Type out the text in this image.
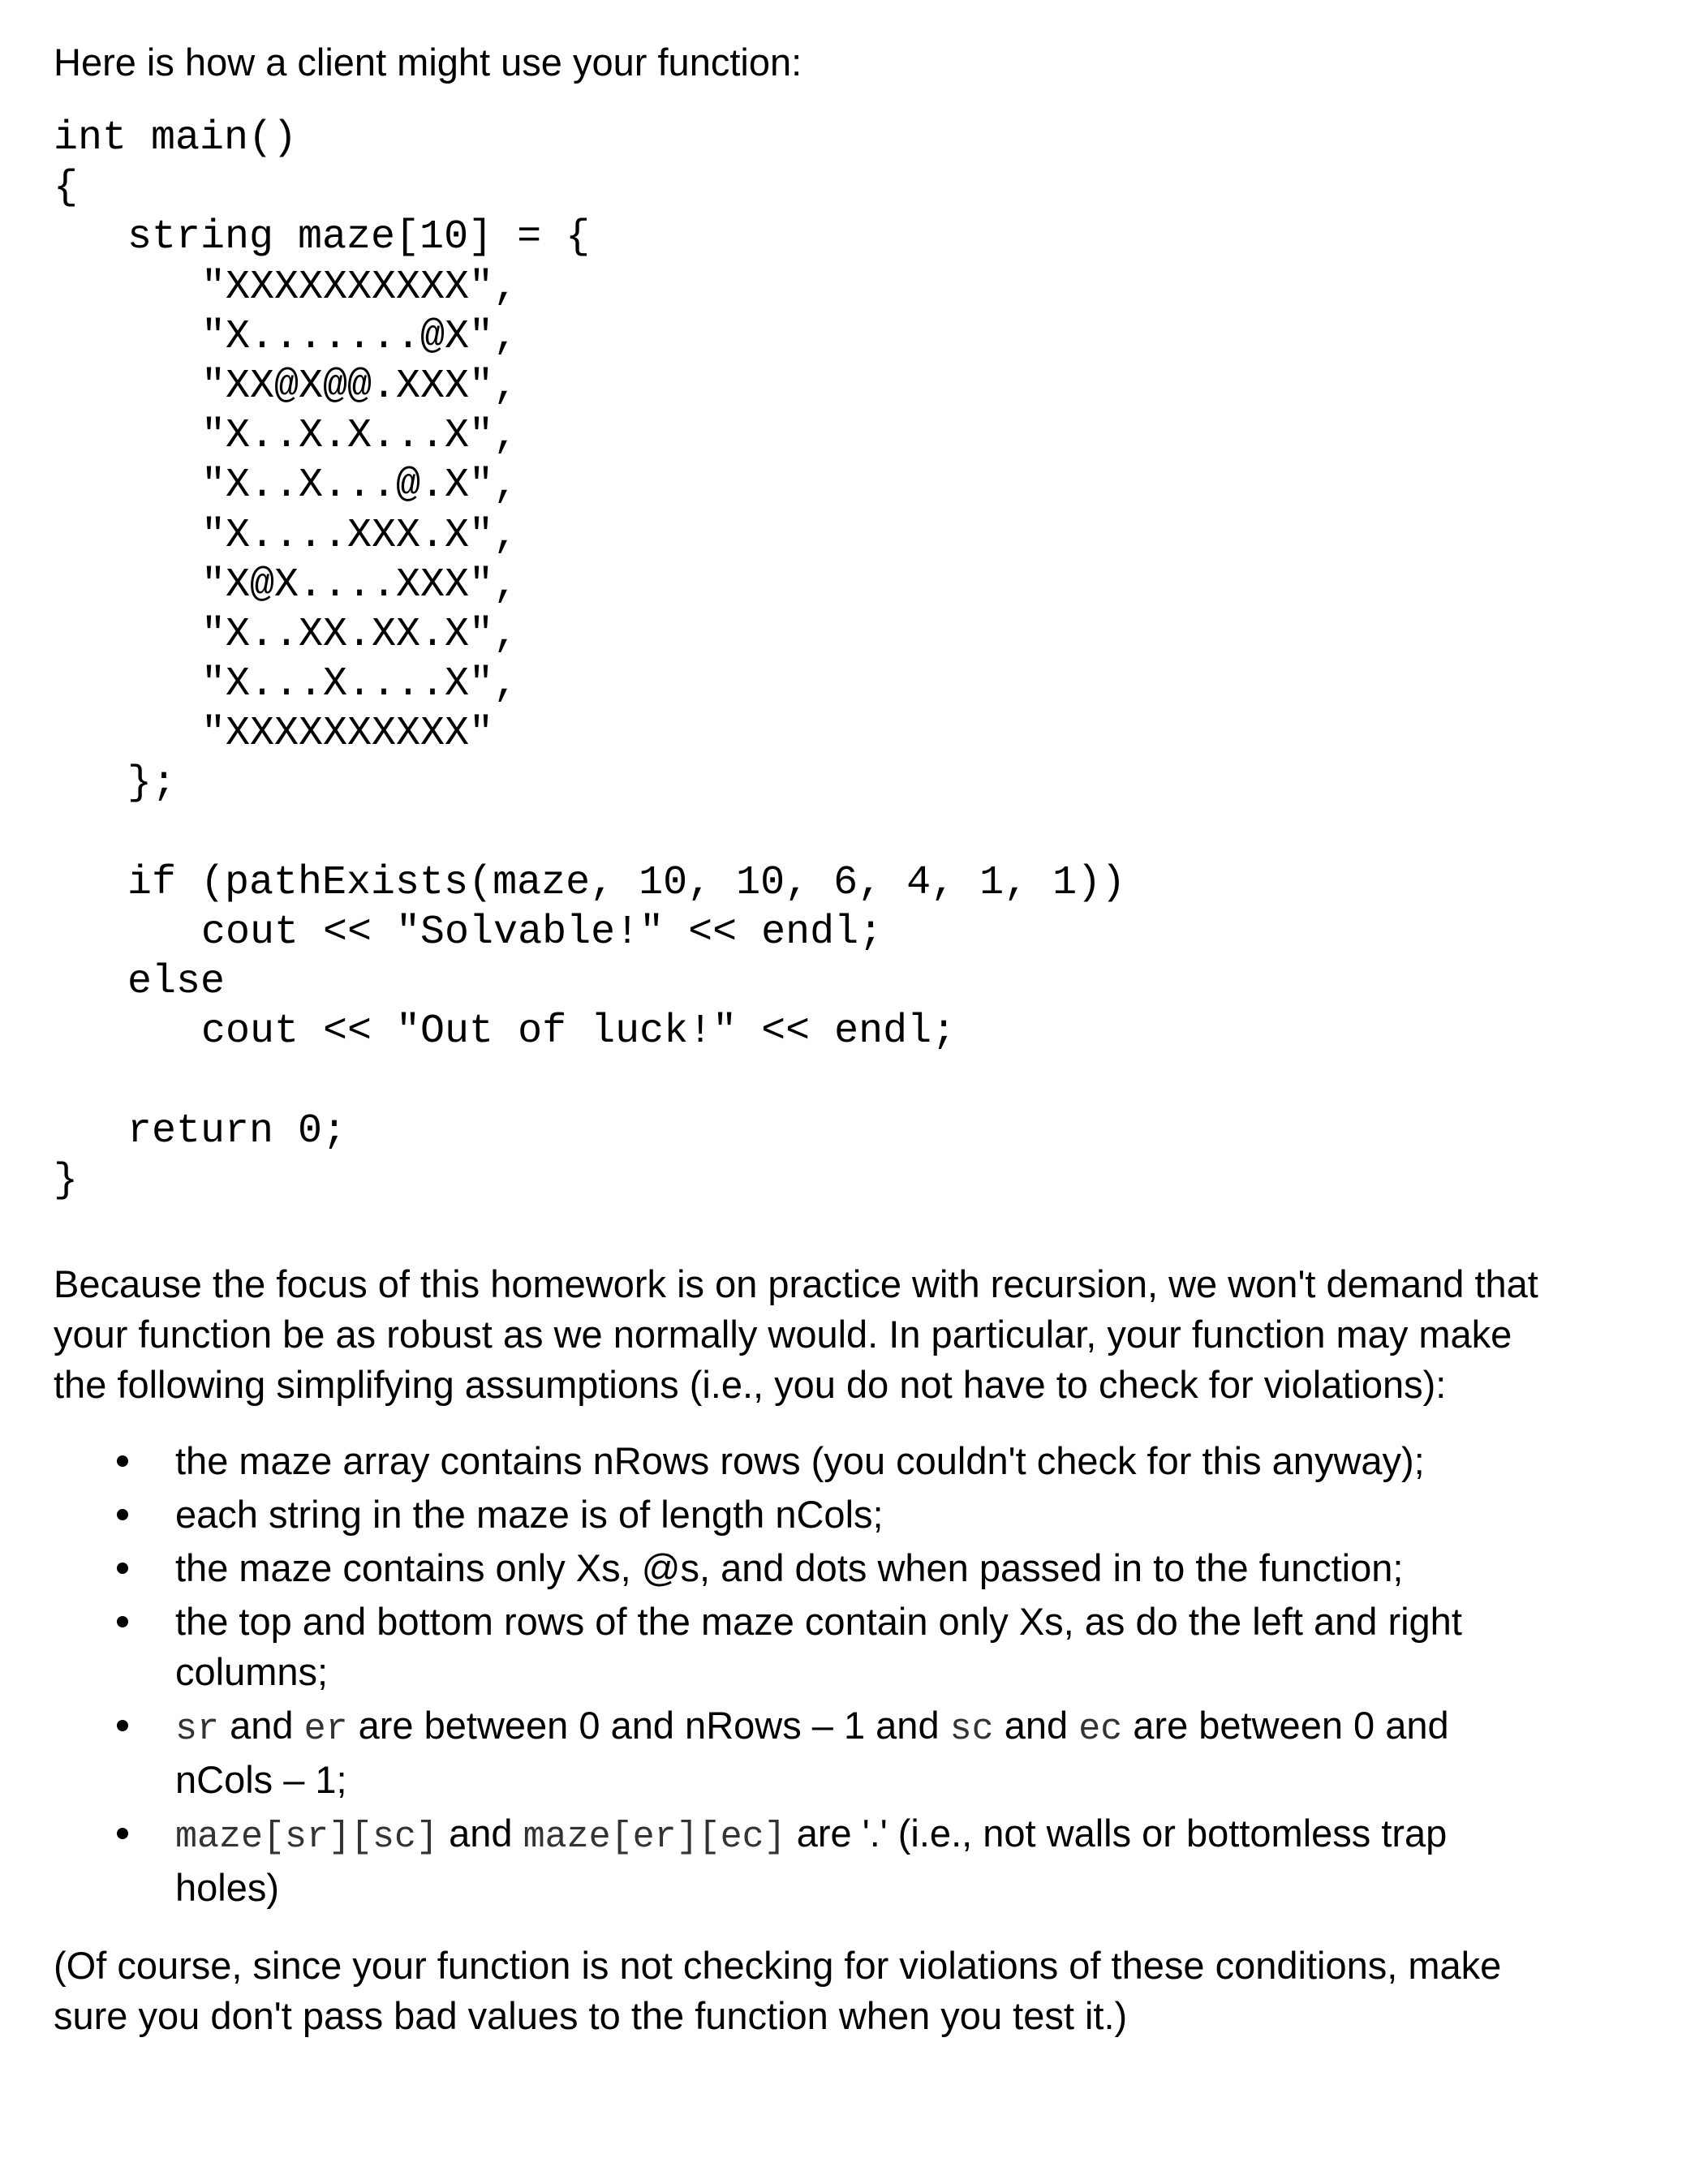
Here is how a client might use your function:
int main()
{
string maze[10] = {
"XXXXXXXXXX",
"X.......@X",
"XX@X@@.XXX",
"X..X.X...X",
"X..X...@.X",
"X....XXX.X",
"X@X....XXX",
"X..XX.XX.X",
"X...X....X",
"XXXXXXXXXX"
};
if (pathExists(maze, 10, 10, 6, 4, 1, 1))
cout << "Solvable!" << endl;
else
cout << "Out of luck!" << endl;
return 0;
}
Because the focus of this homework is on practice with recursion, we won't demand that
your function be as robust as we normally would. In particular, your function may make
the following simplifying assumptions (i.e., you do not have to check for violations):
the maze array contains nRows rows (you couldn't check for this anyway);
each string in the maze is of length nCols;
the maze contains only Xs, @s, and dots when passed in to the function;
the top and bottom rows of the maze contain only Xs, as do the left and right
columns;
sr and er are between 0 and nRows – 1 and sc and ec are between 0 and
nCols – 1;
maze[sr][sc] and maze[er][ec] are '.' (i.e., not walls or bottomless trap
holes)
(Of course, since your function is not checking for violations of these conditions, make
sure you don't pass bad values to the function when you test it.)
